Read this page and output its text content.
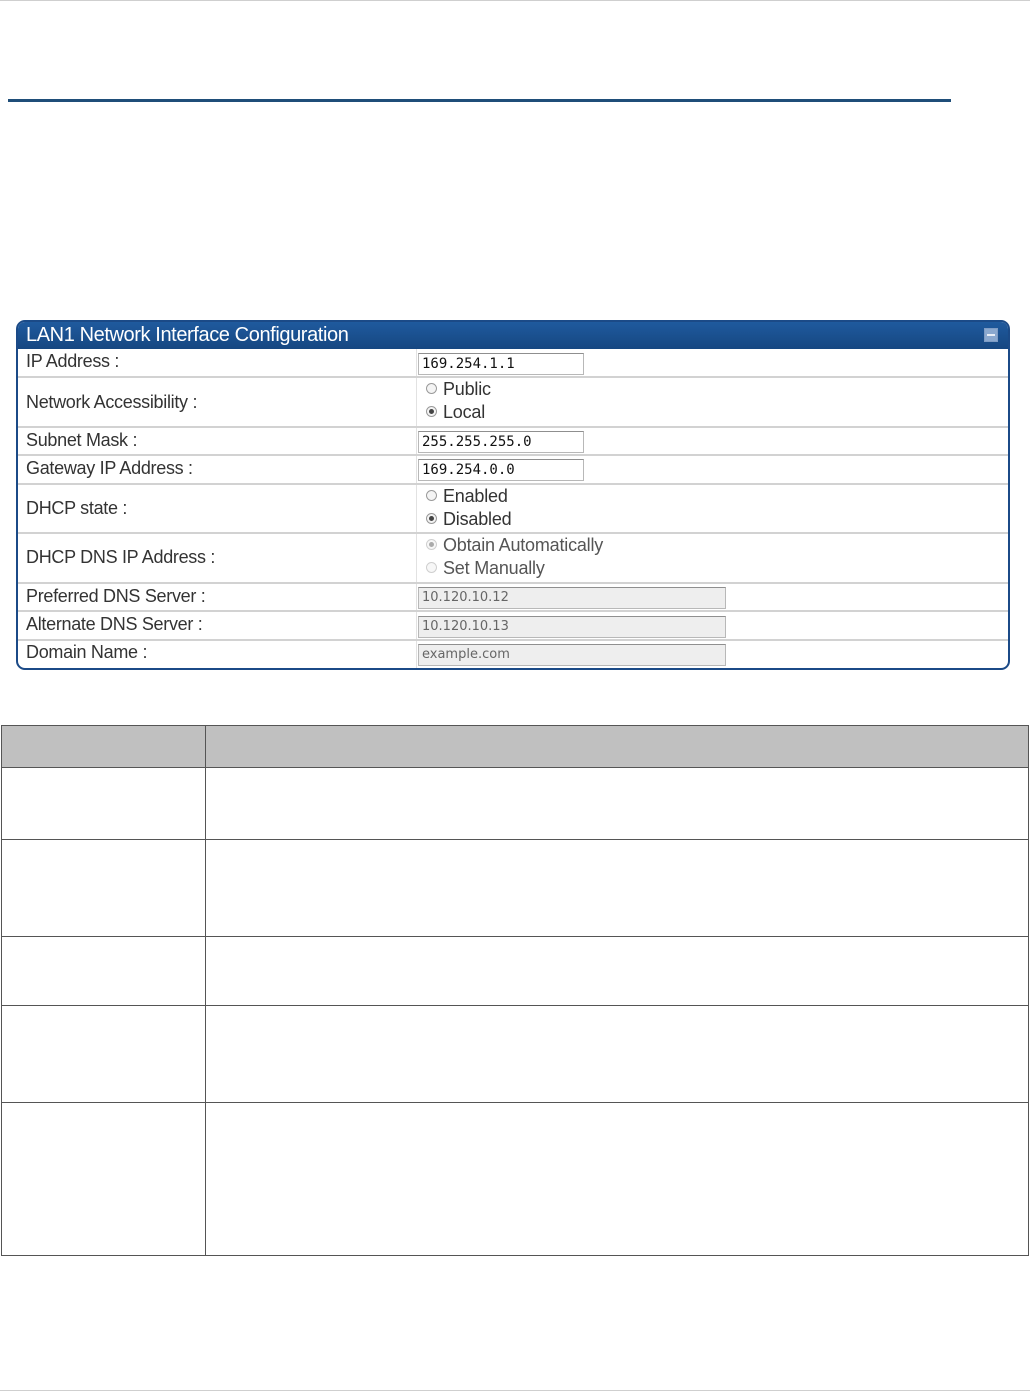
LAN1 Network Interface Configuration
IP Address :	169.254.1.1
Network Accessibility :
Public
Local
Subnet Mask :	255.255.255.0
Gateway IP Address :	169.254.0.0
DHCP state :
Enabled
Disabled
DHCP DNS IP Address :
Obtain Automatically
Set Manually
Preferred DNS Server :	10.120.10.12
Alternate DNS Server :	10.120.10.13
Domain Name :	example.com
